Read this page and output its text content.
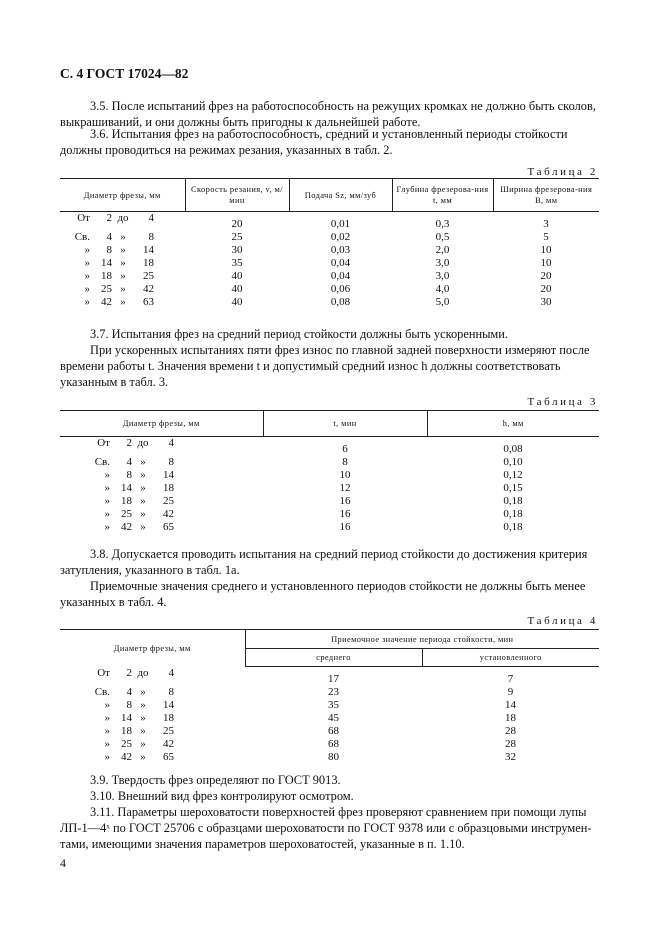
С. 4 ГОСТ 17024—82
3.5. После испытаний фрез на работоспособность на режущих кромках не должно быть сколов,
выкрашиваний, и они должны быть пригодны к дальнейшей работе.
3.6. Испытания фрез на работоспособность, средний и установленный периоды стойкости
должны проводиться на режимах резания, указанных в табл. 2.
Таблица 2
Диаметр фрезы, мм	Скорость резания, v, м/мин	Подача Sz, мм/зуб	Глубина фрезерова-ния t, мм	Ширина фрезерова-ния B, мм

От 2 до 4	20	0,01	0,3	3

Св. 4 » 8	25	0,02	0,5	5

» 8 » 14	30	0,03	2,0	10

» 14 » 18	35	0,04	3,0	10

» 18 » 25	40	0,04	3,0	20

» 25 » 42	40	0,06	4,0	20

» 42 » 63	40	0,08	5,0	30
3.7. Испытания фрез на средний период стойкости должны быть ускоренными.
При ускоренных испытаниях пяти фрез износ по главной задней поверхности измеряют после
времени работы t. Значения времени t и допустимый средний износ h должны соответствовать
указанным в табл. 3.
Таблица 3
Диаметр фрезы, мм	t, мин	h, мм

От 2 до 4	6	0,08

Св. 4 » 8	8	0,10

» 8 » 14	10	0,12

» 14 » 18	12	0,15

» 18 » 25	16	0,18

» 25 » 42	16	0,18

» 42 » 65	16	0,18
3.8. Допускается проводить испытания на средний период стойкости до достижения критерия
затупления, указанного в табл. 1а.
Приемочные значения среднего и установленного периодов стойкости не должны быть менее
указанных в табл. 4.
Таблица 4
Диаметр фрезы, мм	Приемочное значение периода стойкости, мин	
	среднего	установленного

От 2 до 4	17	7

Св. 4 » 8	23	9

» 8 » 14	35	14

» 14 » 18	45	18

» 18 » 25	68	28

» 25 » 42	68	28

» 42 » 65	80	32
3.9. Твердость фрез определяют по ГОСТ 9013.
3.10. Внешний вид фрез контролируют осмотром.
3.11. Параметры шероховатости поверхностей фрез проверяют сравнением при помощи лупы
ЛП-1—4ˣ по ГОСТ 25706 с образцами шероховатости по ГОСТ 9378 или с образцовыми инструмен-
тами, имеющими значения параметров шероховатостей, указанные в п. 1.10.
4
